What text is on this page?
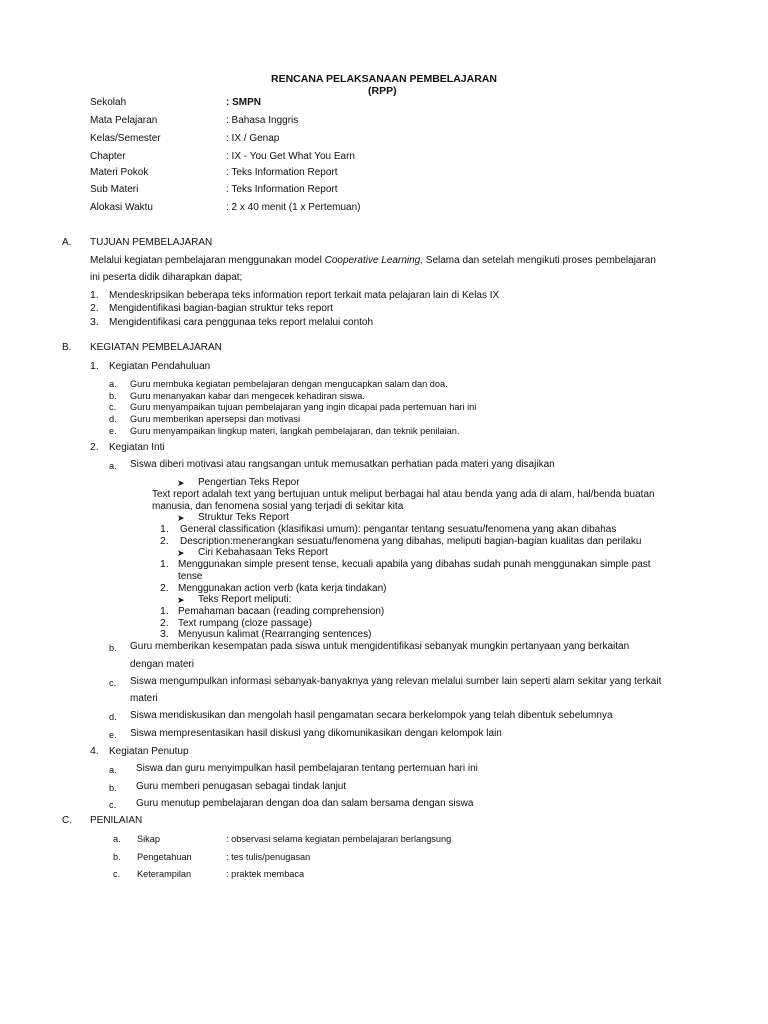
RENCANA PELAKSANAAN PEMBELAJARAN
(RPP)
Sekolah	: SMPN
Mata Pelajaran	: Bahasa Inggris
Kelas/Semester	: IX / Genap
Chapter	: IX - You Get What You Earn
Materi Pokok	: Teks Information Report
Sub Materi	: Teks Information Report
Alokasi Waktu	: 2 x 40 menit (1 x Pertemuan)
A. TUJUAN PEMBELAJARAN
Melalui kegiatan pembelajaran menggunakan model Cooperative Learning, Selama dan setelah mengikuti proses pembelajaran
ini peserta didik diharapkan dapat;
1. Mendeskripsikan beberapa teks information report terkait mata pelajaran lain di Kelas IX
2. Mengidentifikasi bagian-bagian struktur teks report
3. Mengidentifikasi cara penggunaa teks report melalui contoh
B. KEGIATAN PEMBELAJARAN
1. Kegiatan Pendahuluan
a. Guru membuka kegiatan pembelajaran dengan mengucapkan salam dan doa.
b. Guru menanyakan kabar dan mengecek kehadiran siswa.
c. Guru menyampaikan tujuan pembelajaran yang ingin dicapai pada pertemuan hari ini
d. Guru memberikan apersepsi dan motivasi
e. Guru menyampaikan lingkup materi, langkah pembelajaran, dan teknik penilaian.
2. Kegiatan Inti
a. Siswa diberi motivasi atau rangsangan untuk memusatkan perhatian pada materi yang disajikan
➤ Pengertian Teks Repor
Text report adalah text yang bertujuan untuk meliput berbagai hal atau benda yang ada di alam, hal/benda buatan
manusia, dan fenomena sosial yang terjadi di sekitar kita
➤ Struktur Teks Report
1. General classification (klasifikasi umum): pengantar tentang sesuatu/fenomena yang akan dibahas
2. Description:menerangkan sesuatu/fenomena yang dibahas, meliputi bagian-bagian kualitas dan perilaku
➤ Ciri Kebahasaan Teks Report
1. Menggunakan simple present tense, kecuali apabila yang dibahas sudah punah menggunakan simple past
tense
2. Menggunakan action verb (kata kerja tindakan)
➤ Teks Report meliputi:
1. Pemahaman bacaan (reading comprehension)
2. Text rumpang (cloze passage)
3. Menyusun kalimat (Rearranging sentences)
b. Guru memberikan kesempatan pada siswa untuk mengidentifikasi sebanyak mungkin pertanyaan yang berkaitan
dengan materi
c. Siswa mengumpulkan informasi sebanyak-banyaknya yang relevan melalui sumber lain seperti alam sekitar yang terkait
materi
d. Siswa mendiskusikan dan mengolah hasil pengamatan secara berkelompok yang telah dibentuk sebelumnya
e. Siswa mempresentasikan hasil diskusi yang dikomunikasikan dengan kelompok lain
4. Kegiatan Penutup
a. Siswa dan guru menyimpulkan hasil pembelajaran tentang pertemuan hari ini
b. Guru memberi penugasan sebagai tindak lanjut
c. Guru menutup pembelajaran dengan doa dan salam bersama dengan siswa
C. PENILAIAN
a. Sikap	: observasi selama kegiatan pembelajaran berlangsung
b. Pengetahuan	: tes tulis/penugasan
c. Keterampilan	: praktek membaca
